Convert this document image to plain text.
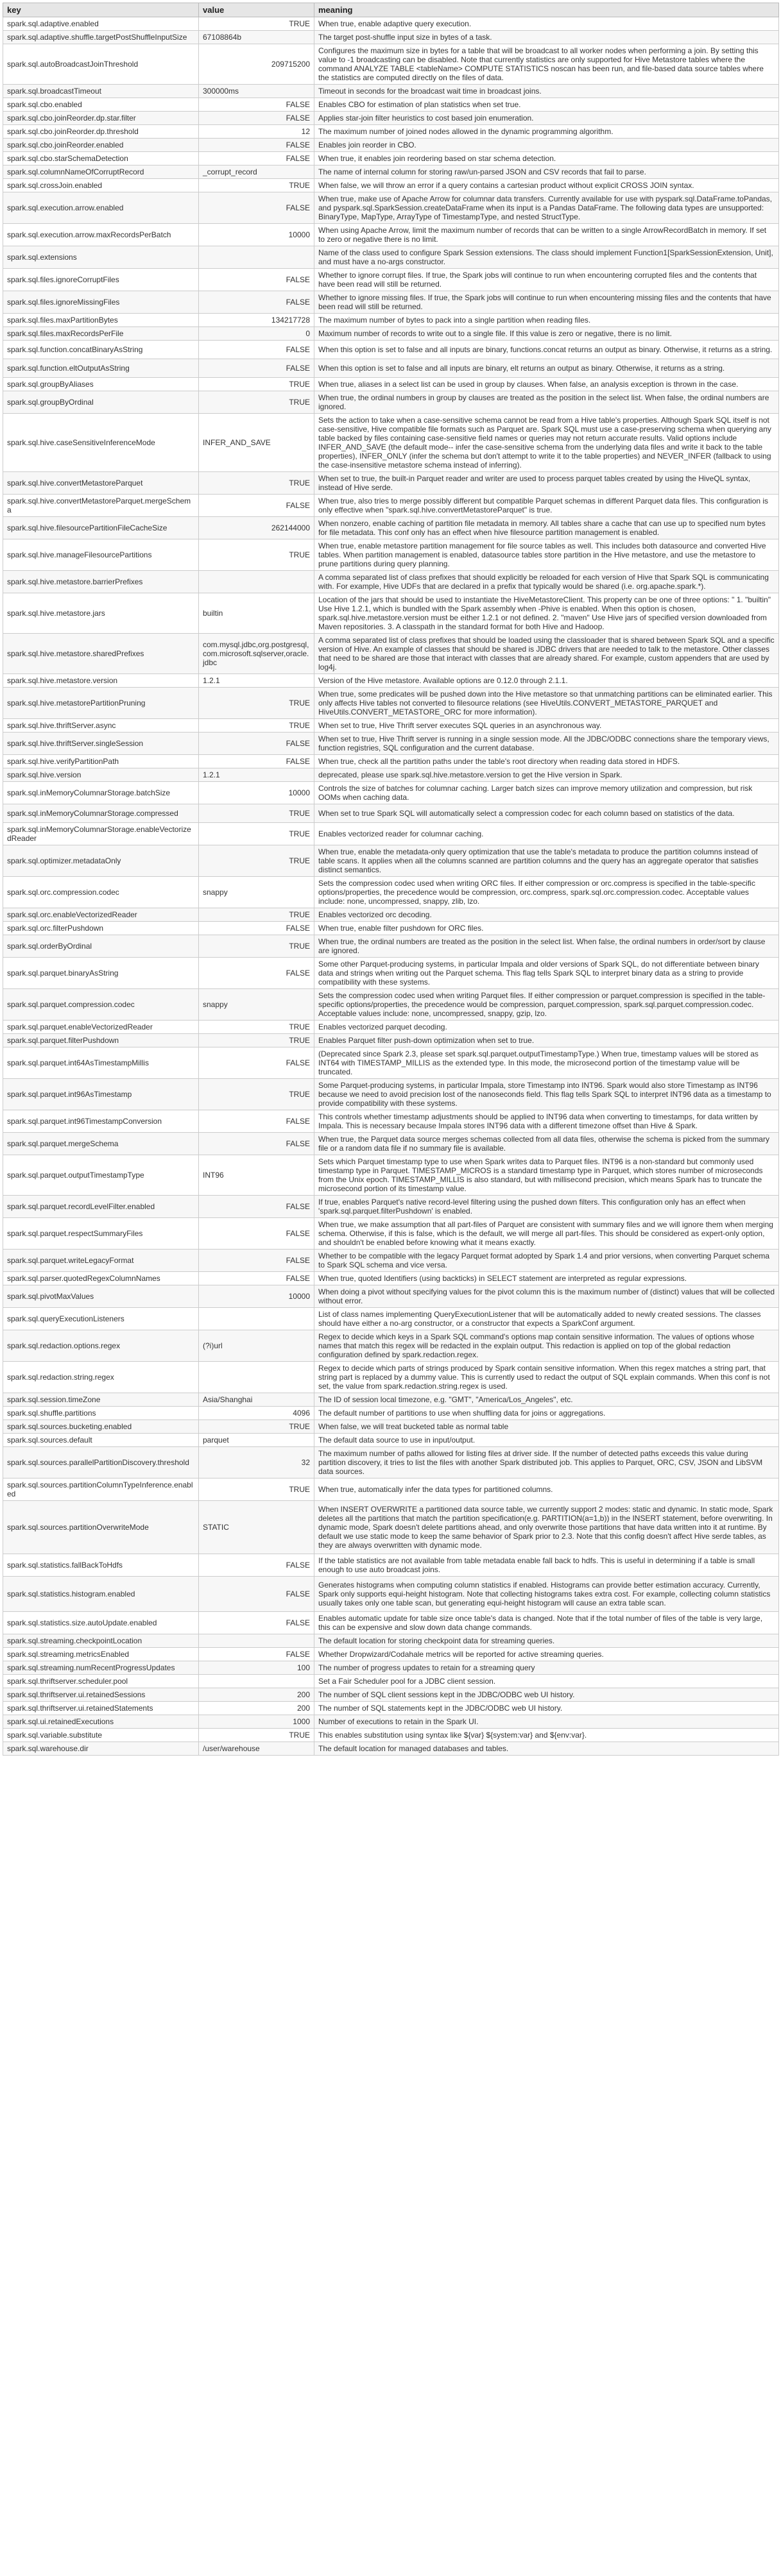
key	value	meaning
spark.sql.adaptive.enabled	TRUE	When true, enable adaptive query execution.
spark.sql.adaptive.shuffle.targetPostShuffleInputSize	67108864b	The target post-shuffle input size in bytes of a task.
spark.sql.autoBroadcastJoinThreshold	209715200	Configures the maximum size in bytes for a table that will be broadcast to all worker nodes when performing a join. By setting this value to -1 broadcasting can be disabled. Note that currently statistics are only supported for Hive Metastore tables where the command ANALYZE TABLE <tableName> COMPUTE STATISTICS noscan has been run, and file-based data source tables where the statistics are computed directly on the files of data.
spark.sql.broadcastTimeout	300000ms	Timeout in seconds for the broadcast wait time in broadcast joins.
spark.sql.cbo.enabled	FALSE	Enables CBO for estimation of plan statistics when set true.
spark.sql.cbo.joinReorder.dp.star.filter	FALSE	Applies star-join filter heuristics to cost based join enumeration.
spark.sql.cbo.joinReorder.dp.threshold	12	The maximum number of joined nodes allowed in the dynamic programming algorithm.
spark.sql.cbo.joinReorder.enabled	FALSE	Enables join reorder in CBO.
spark.sql.cbo.starSchemaDetection	FALSE	When true, it enables join reordering based on star schema detection.
spark.sql.columnNameOfCorruptRecord	_corrupt_record	The name of internal column for storing raw/un-parsed JSON and CSV records that fail to parse.
spark.sql.crossJoin.enabled	TRUE	When false, we will throw an error if a query contains a cartesian product without explicit CROSS JOIN syntax.
spark.sql.execution.arrow.enabled	FALSE	When true, make use of Apache Arrow for columnar data transfers. Currently available for use with pyspark.sql.DataFrame.toPandas, and pyspark.sql.SparkSession.createDataFrame when its input is a Pandas DataFrame. The following data types are unsupported: BinaryType, MapType, ArrayType of TimestampType, and nested StructType.
spark.sql.execution.arrow.maxRecordsPerBatch	10000	When using Apache Arrow, limit the maximum number of records that can be written to a single ArrowRecordBatch in memory. If set to zero or negative there is no limit.
spark.sql.extensions		Name of the class used to configure Spark Session extensions. The class should implement Function1[SparkSessionExtension, Unit], and must have a no-args constructor.
spark.sql.files.ignoreCorruptFiles	FALSE	Whether to ignore corrupt files. If true, the Spark jobs will continue to run when encountering corrupted files and the contents that have been read will still be returned.
spark.sql.files.ignoreMissingFiles	FALSE	Whether to ignore missing files. If true, the Spark jobs will continue to run when encountering missing files and the contents that have been read will still be returned.
spark.sql.files.maxPartitionBytes	134217728	The maximum number of bytes to pack into a single partition when reading files.
spark.sql.files.maxRecordsPerFile	0	Maximum number of records to write out to a single file. If this value is zero or negative, there is no limit.
spark.sql.function.concatBinaryAsString	FALSE	When this option is set to false and all inputs are binary, functions.concat returns an output as binary. Otherwise, it returns as a string.
spark.sql.function.eltOutputAsString	FALSE	When this option is set to false and all inputs are binary, elt returns an output as binary. Otherwise, it returns as a string.
spark.sql.groupByAliases	TRUE	When true, aliases in a select list can be used in group by clauses. When false, an analysis exception is thrown in the case.
spark.sql.groupByOrdinal	TRUE	When true, the ordinal numbers in group by clauses are treated as the position in the select list. When false, the ordinal numbers are ignored.
spark.sql.hive.caseSensitiveInferenceMode	INFER_AND_SAVE	Sets the action to take when a case-sensitive schema cannot be read from a Hive table's properties. Although Spark SQL itself is not case-sensitive, Hive compatible file formats such as Parquet are. Spark SQL must use a case-preserving schema when querying any table backed by files containing case-sensitive field names or queries may not return accurate results. Valid options include INFER_AND_SAVE (the default mode-- infer the case-sensitive schema from the underlying data files and write it back to the table properties), INFER_ONLY (infer the schema but don't attempt to write it to the table properties) and NEVER_INFER (fallback to using the case-insensitive metastore schema instead of inferring).
spark.sql.hive.convertMetastoreParquet	TRUE	When set to true, the built-in Parquet reader and writer are used to process parquet tables created by using the HiveQL syntax, instead of Hive serde.
spark.sql.hive.convertMetastoreParquet.mergeSchema	FALSE	When true, also tries to merge possibly different but compatible Parquet schemas in different Parquet data files. This configuration is only effective when "spark.sql.hive.convertMetastoreParquet" is true.
spark.sql.hive.filesourcePartitionFileCacheSize	262144000	When nonzero, enable caching of partition file metadata in memory. All tables share a cache that can use up to specified num bytes for file metadata. This conf only has an effect when hive filesource partition management is enabled.
spark.sql.hive.manageFilesourcePartitions	TRUE	When true, enable metastore partition management for file source tables as well. This includes both datasource and converted Hive tables. When partition management is enabled, datasource tables store partition in the Hive metastore, and use the metastore to prune partitions during query planning.
spark.sql.hive.metastore.barrierPrefixes		A comma separated list of class prefixes that should explicitly be reloaded for each version of Hive that Spark SQL is communicating with. For example, Hive UDFs that are declared in a prefix that typically would be shared (i.e. org.apache.spark.*).
spark.sql.hive.metastore.jars	builtin	Location of the jars that should be used to instantiate the HiveMetastoreClient. This property can be one of three options: " 1. "builtin" Use Hive 1.2.1, which is bundled with the Spark assembly when -Phive is enabled. When this option is chosen, spark.sql.hive.metastore.version must be either 1.2.1 or not defined. 2. "maven" Use Hive jars of specified version downloaded from Maven repositories. 3. A classpath in the standard format for both Hive and Hadoop.
spark.sql.hive.metastore.sharedPrefixes	com.mysql.jdbc,org.postgresql,com.microsoft.sqlserver,oracle.jdbc	A comma separated list of class prefixes that should be loaded using the classloader that is shared between Spark SQL and a specific version of Hive. An example of classes that should be shared is JDBC drivers that are needed to talk to the metastore. Other classes that need to be shared are those that interact with classes that are already shared. For example, custom appenders that are used by log4j.
spark.sql.hive.metastore.version	1.2.1	Version of the Hive metastore. Available options are 0.12.0 through 2.1.1.
spark.sql.hive.metastorePartitionPruning	TRUE	When true, some predicates will be pushed down into the Hive metastore so that unmatching partitions can be eliminated earlier. This only affects Hive tables not converted to filesource relations (see HiveUtils.CONVERT_METASTORE_PARQUET and HiveUtils.CONVERT_METASTORE_ORC for more information).
spark.sql.hive.thriftServer.async	TRUE	When set to true, Hive Thrift server executes SQL queries in an asynchronous way.
spark.sql.hive.thriftServer.singleSession	FALSE	When set to true, Hive Thrift server is running in a single session mode. All the JDBC/ODBC connections share the temporary views, function registries, SQL configuration and the current database.
spark.sql.hive.verifyPartitionPath	FALSE	When true, check all the partition paths under the table's root directory when reading data stored in HDFS.
spark.sql.hive.version	1.2.1	deprecated, please use spark.sql.hive.metastore.version to get the Hive version in Spark.
spark.sql.inMemoryColumnarStorage.batchSize	10000	Controls the size of batches for columnar caching. Larger batch sizes can improve memory utilization and compression, but risk OOMs when caching data.
spark.sql.inMemoryColumnarStorage.compressed	TRUE	When set to true Spark SQL will automatically select a compression codec for each column based on statistics of the data.
spark.sql.inMemoryColumnarStorage.enableVectorizedReader	TRUE	Enables vectorized reader for columnar caching.
spark.sql.optimizer.metadataOnly	TRUE	When true, enable the metadata-only query optimization that use the table's metadata to produce the partition columns instead of table scans. It applies when all the columns scanned are partition columns and the query has an aggregate operator that satisfies distinct semantics.
spark.sql.orc.compression.codec	snappy	Sets the compression codec used when writing ORC files. If either compression or orc.compress is specified in the table-specific options/properties, the precedence would be compression, orc.compress, spark.sql.orc.compression.codec. Acceptable values include: none, uncompressed, snappy, zlib, lzo.
spark.sql.orc.enableVectorizedReader	TRUE	Enables vectorized orc decoding.
spark.sql.orc.filterPushdown	FALSE	When true, enable filter pushdown for ORC files.
spark.sql.orderByOrdinal	TRUE	When true, the ordinal numbers are treated as the position in the select list. When false, the ordinal numbers in order/sort by clause are ignored.
spark.sql.parquet.binaryAsString	FALSE	Some other Parquet-producing systems, in particular Impala and older versions of Spark SQL, do not differentiate between binary data and strings when writing out the Parquet schema. This flag tells Spark SQL to interpret binary data as a string to provide compatibility with these systems.
spark.sql.parquet.compression.codec	snappy	Sets the compression codec used when writing Parquet files. If either compression or parquet.compression is specified in the table-specific options/properties, the precedence would be compression, parquet.compression, spark.sql.parquet.compression.codec. Acceptable values include: none, uncompressed, snappy, gzip, lzo.
spark.sql.parquet.enableVectorizedReader	TRUE	Enables vectorized parquet decoding.
spark.sql.parquet.filterPushdown	TRUE	Enables Parquet filter push-down optimization when set to true.
spark.sql.parquet.int64AsTimestampMillis	FALSE	(Deprecated since Spark 2.3, please set spark.sql.parquet.outputTimestampType.) When true, timestamp values will be stored as INT64 with TIMESTAMP_MILLIS as the extended type. In this mode, the microsecond portion of the timestamp value will be truncated.
spark.sql.parquet.int96AsTimestamp	TRUE	Some Parquet-producing systems, in particular Impala, store Timestamp into INT96. Spark would also store Timestamp as INT96 because we need to avoid precision lost of the nanoseconds field. This flag tells Spark SQL to interpret INT96 data as a timestamp to provide compatibility with these systems.
spark.sql.parquet.int96TimestampConversion	FALSE	This controls whether timestamp adjustments should be applied to INT96 data when converting to timestamps, for data written by Impala. This is necessary because Impala stores INT96 data with a different timezone offset than Hive & Spark.
spark.sql.parquet.mergeSchema	FALSE	When true, the Parquet data source merges schemas collected from all data files, otherwise the schema is picked from the summary file or a random data file if no summary file is available.
spark.sql.parquet.outputTimestampType	INT96	Sets which Parquet timestamp type to use when Spark writes data to Parquet files. INT96 is a non-standard but commonly used timestamp type in Parquet. TIMESTAMP_MICROS is a standard timestamp type in Parquet, which stores number of microseconds from the Unix epoch. TIMESTAMP_MILLIS is also standard, but with millisecond precision, which means Spark has to truncate the microsecond portion of its timestamp value.
spark.sql.parquet.recordLevelFilter.enabled	FALSE	If true, enables Parquet's native record-level filtering using the pushed down filters. This configuration only has an effect when 'spark.sql.parquet.filterPushdown' is enabled.
spark.sql.parquet.respectSummaryFiles	FALSE	When true, we make assumption that all part-files of Parquet are consistent with summary files and we will ignore them when merging schema. Otherwise, if this is false, which is the default, we will merge all part-files. This should be considered as expert-only option, and shouldn't be enabled before knowing what it means exactly.
spark.sql.parquet.writeLegacyFormat	FALSE	Whether to be compatible with the legacy Parquet format adopted by Spark 1.4 and prior versions, when converting Parquet schema to Spark SQL schema and vice versa.
spark.sql.parser.quotedRegexColumnNames	FALSE	When true, quoted Identifiers (using backticks) in SELECT statement are interpreted as regular expressions.
spark.sql.pivotMaxValues	10000	When doing a pivot without specifying values for the pivot column this is the maximum number of (distinct) values that will be collected without error.
spark.sql.queryExecutionListeners		List of class names implementing QueryExecutionListener that will be automatically added to newly created sessions. The classes should have either a no-arg constructor, or a constructor that expects a SparkConf argument.
spark.sql.redaction.options.regex	(?i)url	Regex to decide which keys in a Spark SQL command's options map contain sensitive information. The values of options whose names that match this regex will be redacted in the explain output. This redaction is applied on top of the global redaction configuration defined by spark.redaction.regex.
spark.sql.redaction.string.regex		Regex to decide which parts of strings produced by Spark contain sensitive information. When this regex matches a string part, that string part is replaced by a dummy value. This is currently used to redact the output of SQL explain commands. When this conf is not set, the value from spark.redaction.string.regex is used.
spark.sql.session.timeZone	Asia/Shanghai	The ID of session local timezone, e.g. "GMT", "America/Los_Angeles", etc.
spark.sql.shuffle.partitions	4096	The default number of partitions to use when shuffling data for joins or aggregations.
spark.sql.sources.bucketing.enabled	TRUE	When false, we will treat bucketed table as normal table
spark.sql.sources.default	parquet	The default data source to use in input/output.
spark.sql.sources.parallelPartitionDiscovery.threshold	32	The maximum number of paths allowed for listing files at driver side. If the number of detected paths exceeds this value during partition discovery, it tries to list the files with another Spark distributed job. This applies to Parquet, ORC, CSV, JSON and LibSVM data sources.
spark.sql.sources.partitionColumnTypeInference.enabled	TRUE	When true, automatically infer the data types for partitioned columns.
spark.sql.sources.partitionOverwriteMode	STATIC	When INSERT OVERWRITE a partitioned data source table, we currently support 2 modes: static and dynamic. In static mode, Spark deletes all the partitions that match the partition specification(e.g. PARTITION(a=1,b)) in the INSERT statement, before overwriting. In dynamic mode, Spark doesn't delete partitions ahead, and only overwrite those partitions that have data written into it at runtime. By default we use static mode to keep the same behavior of Spark prior to 2.3. Note that this config doesn't affect Hive serde tables, as they are always overwritten with dynamic mode.
spark.sql.statistics.fallBackToHdfs	FALSE	If the table statistics are not available from table metadata enable fall back to hdfs. This is useful in determining if a table is small enough to use auto broadcast joins.
spark.sql.statistics.histogram.enabled	FALSE	Generates histograms when computing column statistics if enabled. Histograms can provide better estimation accuracy. Currently, Spark only supports equi-height histogram. Note that collecting histograms takes extra cost. For example, collecting column statistics usually takes only one table scan, but generating equi-height histogram will cause an extra table scan.
spark.sql.statistics.size.autoUpdate.enabled	FALSE	Enables automatic update for table size once table's data is changed. Note that if the total number of files of the table is very large, this can be expensive and slow down data change commands.
spark.sql.streaming.checkpointLocation		The default location for storing checkpoint data for streaming queries.
spark.sql.streaming.metricsEnabled	FALSE	Whether Dropwizard/Codahale metrics will be reported for active streaming queries.
spark.sql.streaming.numRecentProgressUpdates	100	The number of progress updates to retain for a streaming query
spark.sql.thriftserver.scheduler.pool		Set a Fair Scheduler pool for a JDBC client session.
spark.sql.thriftserver.ui.retainedSessions	200	The number of SQL client sessions kept in the JDBC/ODBC web UI history.
spark.sql.thriftserver.ui.retainedStatements	200	The number of SQL statements kept in the JDBC/ODBC web UI history.
spark.sql.ui.retainedExecutions	1000	Number of executions to retain in the Spark UI.
spark.sql.variable.substitute	TRUE	This enables substitution using syntax like ${var} ${system:var} and ${env:var}.
spark.sql.warehouse.dir	/user/warehouse	The default location for managed databases and tables.
